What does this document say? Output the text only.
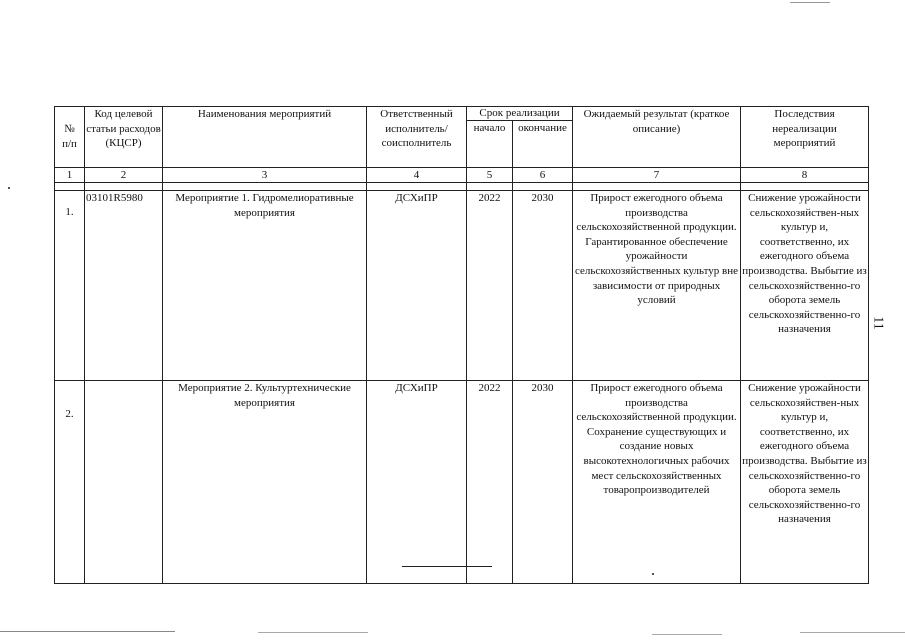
№
п/п	Код целевой статьи расходов (КЦСР)	Наименования мероприятий	Ответственный исполнитель/ соисполнитель	Срок реализации		Ожидаемый результат (краткое описание)	Последствия нереализации мероприятий
				начало	окончание		
1	2	3	4	5	6	7	8

1.	03101R5980	Мероприятие 1. Гидромелиоративные мероприятия	ДСХиПР	2022	2030	Прирост ежегодного объема производства сельскохозяйственной продукции. Гарантированное обеспечение урожайности сельскохозяйственных культур вне зависимости от природных условий	Снижение урожайности сельскохозяйствен-ных культур и, соответственно, их ежегодного объема производства. Выбытие из сельскохозяйственно-го оборота земель сельскохозяйственно-го назначения
2.		Мероприятие 2. Культуртехнические мероприятия	ДСХиПР	2022	2030	Прирост ежегодного объема производства сельскохозяйственной продукции. Сохранение существующих и создание новых высокотехнологичных рабочих мест сельскохозяйственных товаропроизводителей	Снижение урожайности сельскохозяйствен-ных культур и, соответственно, их ежегодного объема производства. Выбытие из сельскохозяйственно-го оборота земель сельскохозяйственно-го назначения
11
